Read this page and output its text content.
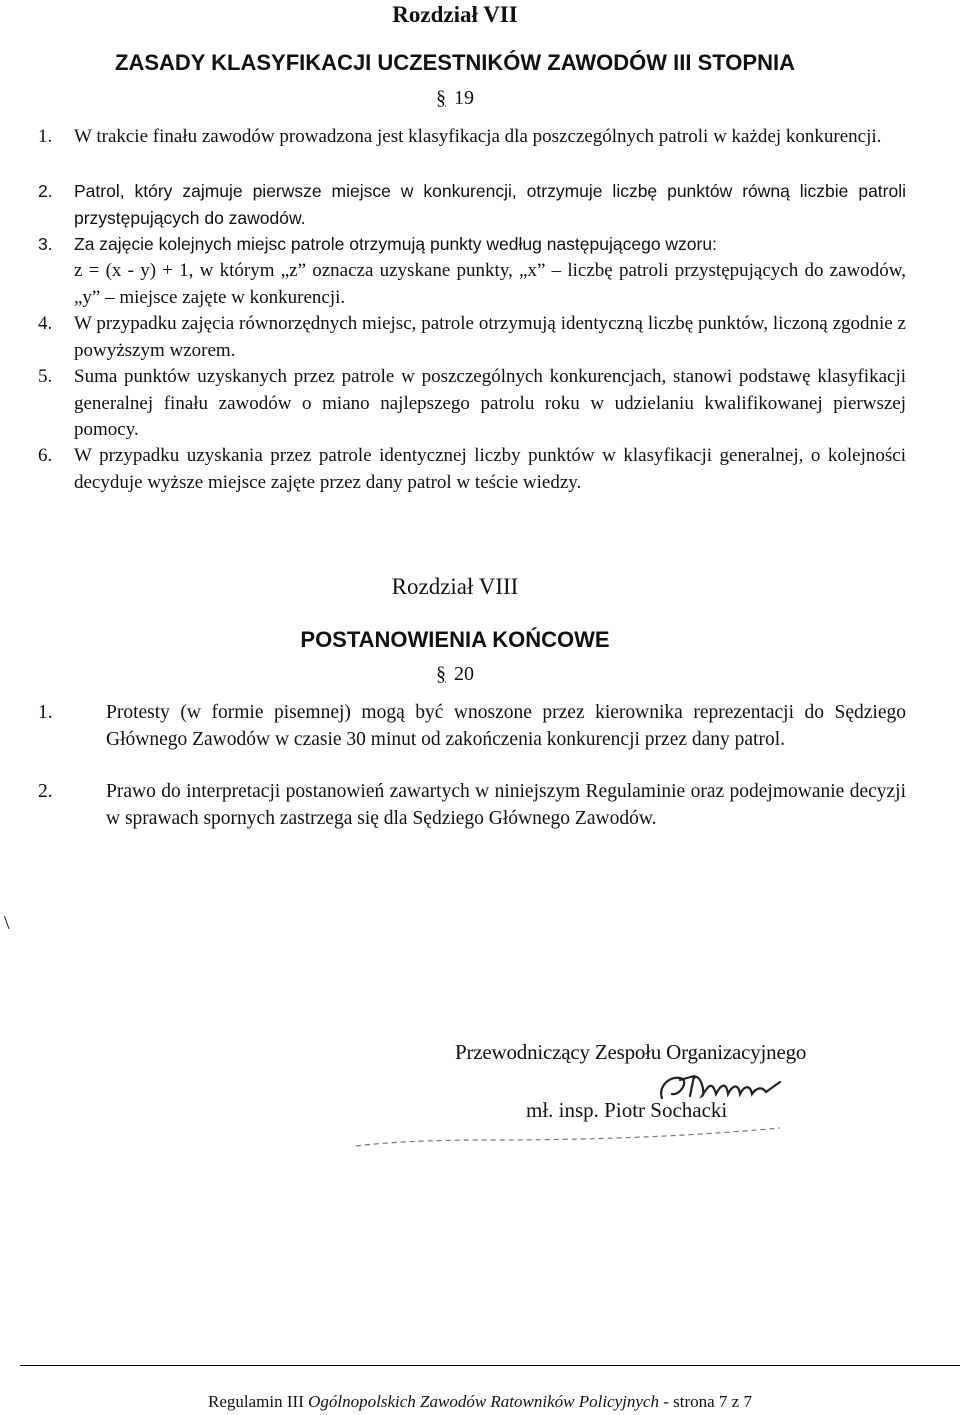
Rozdział VII
ZASADY KLASYFIKACJI UCZESTNIKÓW ZAWODÓW III STOPNIA
§ 19
1. W trakcie finału zawodów prowadzona jest klasyfikacja dla poszczególnych patroli w każdej konkurencji.
2. Patrol, który zajmuje pierwsze miejsce w konkurencji, otrzymuje liczbę punktów równą liczbie patroli przystępujących do zawodów.
3. Za zajęcie kolejnych miejsc patrole otrzymują punkty według następującego wzoru:
z = (x - y) + 1, w którym „z” oznacza uzyskane punkty, „x” – liczbę patroli przystępujących do zawodów, „y” – miejsce zajęte w konkurencji.
4. W przypadku zajęcia równorzędnych miejsc, patrole otrzymują identyczną liczbę punktów, liczoną zgodnie z powyższym wzorem.
5. Suma punktów uzyskanych przez patrole w poszczególnych konkurencjach, stanowi podstawę klasyfikacji generalnej finału zawodów o miano najlepszego patrolu roku w udzielaniu kwalifikowanej pierwszej pomocy.
6. W przypadku uzyskania przez patrole identycznej liczby punktów w klasyfikacji generalnej, o kolejności decyduje wyższe miejsce zajęte przez dany patrol w teście wiedzy.
Rozdział VIII
POSTANOWIENIA KOŃCOWE
§ 20
1.	Protesty (w formie pisemnej) mogą być wnoszone przez kierownika reprezentacji do Sędziego Głównego Zawodów w czasie 30 minut od zakończenia konkurencji przez dany patrol.
2.	Prawo do interpretacji postanowień zawartych w niniejszym Regulaminie oraz podejmowanie decyzji w sprawach spornych zastrzega się dla Sędziego Głównego Zawodów.
\
Przewodniczący Zespołu Organizacyjnego
mł. insp. Piotr Sochacki
Regulamin III Ogólnopolskich Zawodów Ratowników Policyjnych - strona 7 z 7
